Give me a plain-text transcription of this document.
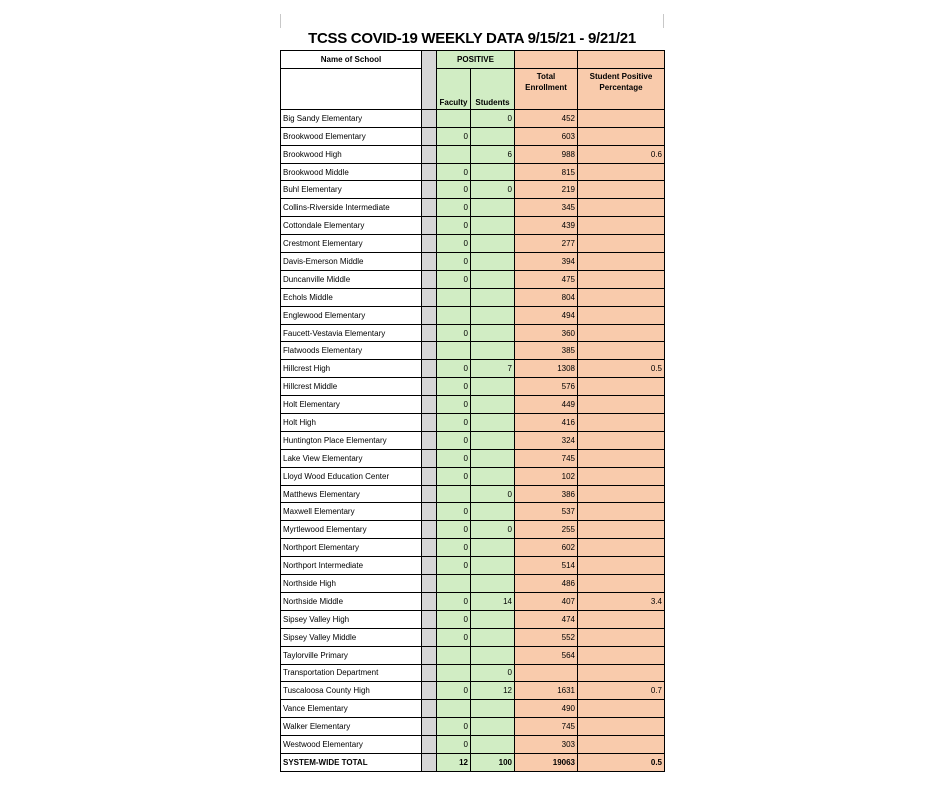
TCSS COVID-19 WEEKLY DATA 9/15/21 - 9/21/21
Name of School		POSITIVE			
		Faculty	Students	Total Enrollment	Student Positive Percentage
Big Sandy Elementary			0	452	
Brookwood Elementary		0		603	
Brookwood High			6	988	0.6
Brookwood Middle		0		815	
Buhl Elementary		0	0	219	
Collins-Riverside Intermediate		0		345	
Cottondale Elementary		0		439	
Crestmont Elementary		0		277	
Davis-Emerson Middle		0		394	
Duncanville Middle		0		475	
Echols Middle				804	
Englewood Elementary				494	
Faucett-Vestavia Elementary		0		360	
Flatwoods Elementary				385	
Hillcrest High		0	7	1308	0.5
Hillcrest Middle		0		576	
Holt Elementary		0		449	
Holt High		0		416	
Huntington Place Elementary		0		324	
Lake View Elementary		0		745	
Lloyd Wood Education Center		0		102	
Matthews Elementary			0	386	
Maxwell Elementary		0		537	
Myrtlewood Elementary		0	0	255	
Northport Elementary		0		602	
Northport Intermediate		0		514	
Northside High				486	
Northside Middle		0	14	407	3.4
Sipsey Valley High		0		474	
Sipsey Valley Middle		0		552	
Taylorville Primary				564	
Transportation Department			0		
Tuscaloosa County High		0	12	1631	0.7
Vance Elementary				490	
Walker Elementary		0		745	
Westwood Elementary		0		303	
SYSTEM-WIDE TOTAL		12	100	19063	0.5
